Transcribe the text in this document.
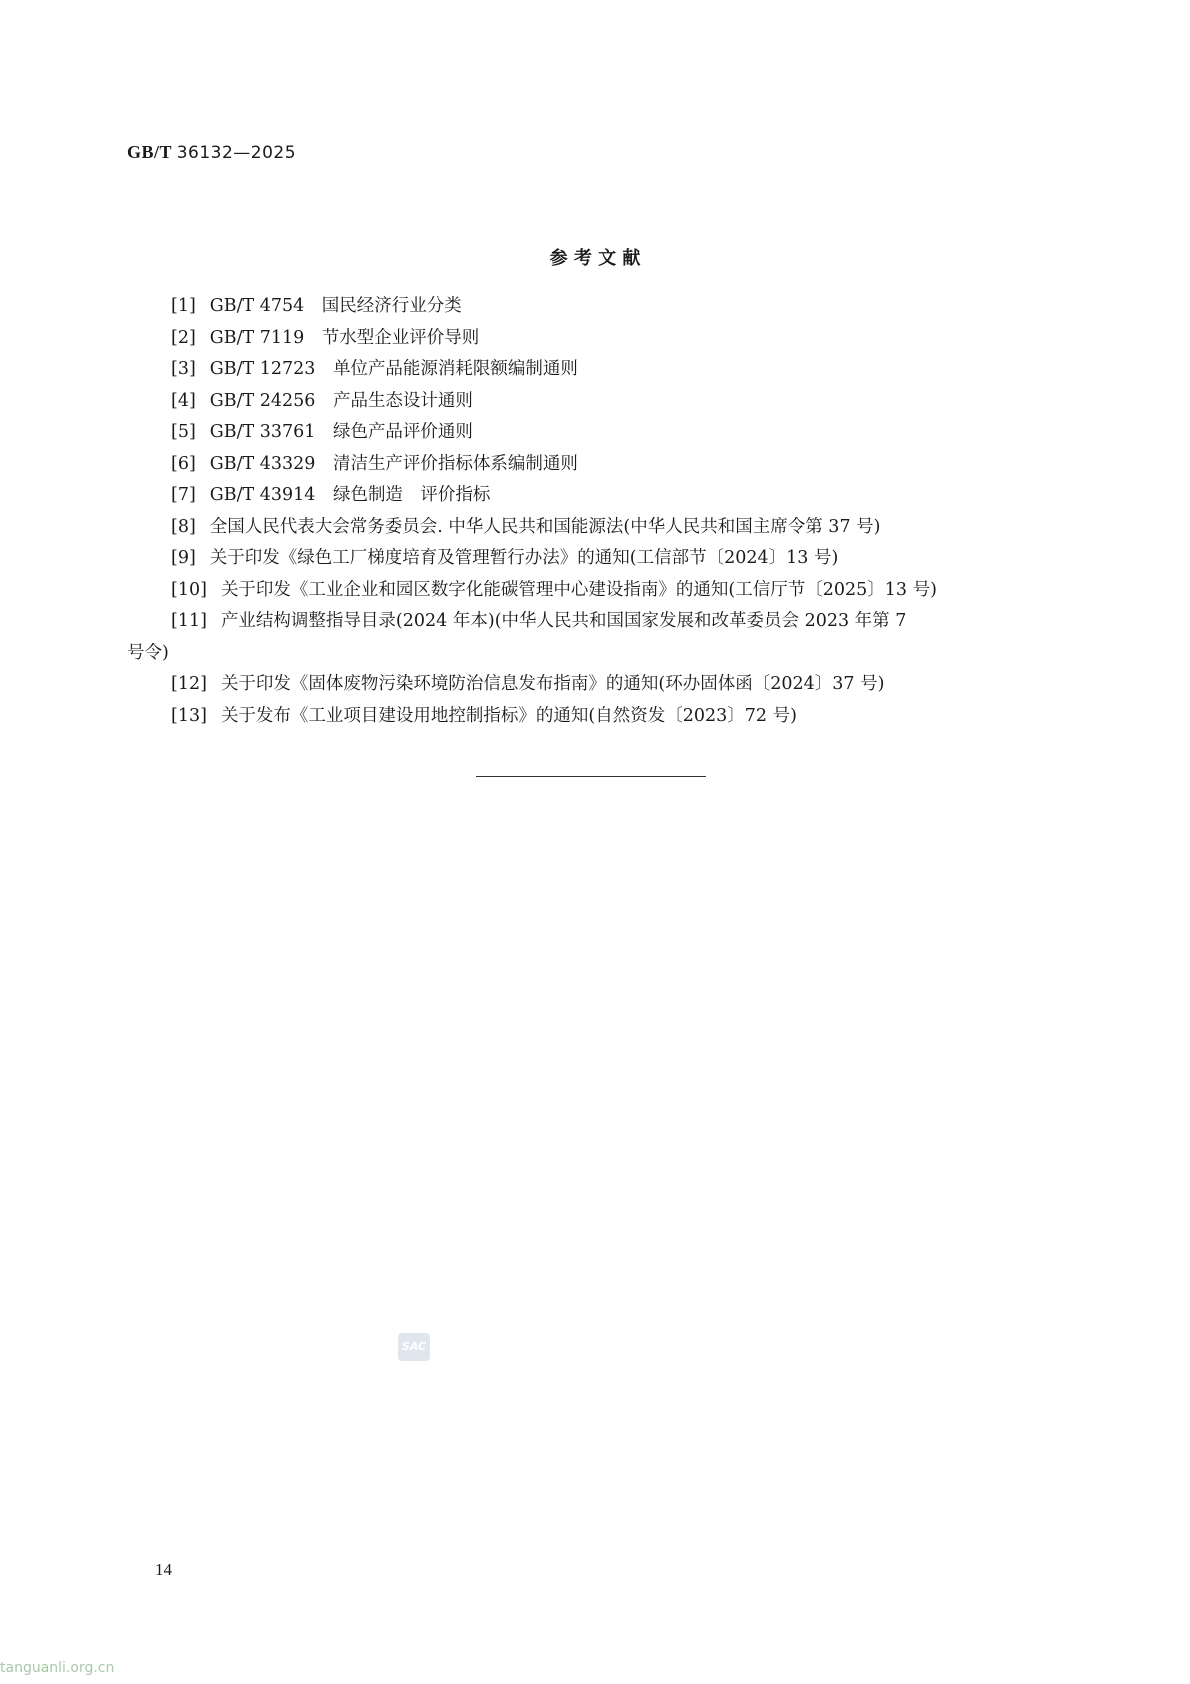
GB/T 36132—2025
参 考 文 献
[1] GB/T 4754　国民经济行业分类
[2] GB/T 7119　节水型企业评价导则
[3] GB/T 12723　单位产品能源消耗限额编制通则
[4] GB/T 24256　产品生态设计通则
[5] GB/T 33761　绿色产品评价通则
[6] GB/T 43329　清洁生产评价指标体系编制通则
[7] GB/T 43914　绿色制造　评价指标
[8] 全国人民代表大会常务委员会. 中华人民共和国能源法(中华人民共和国主席令第 37 号)
[9] 关于印发《绿色工厂梯度培育及管理暂行办法》的通知(工信部节〔2024〕13 号)
[10] 关于印发《工业企业和园区数字化能碳管理中心建设指南》的通知(工信厅节〔2025〕13 号)
[11] 产业结构调整指导目录(2024 年本)(中华人民共和国国家发展和改革委员会 2023 年第 7
号令)
[12] 关于印发《固体废物污染环境防治信息发布指南》的通知(环办固体函〔2024〕37 号)
[13] 关于发布《工业项目建设用地控制指标》的通知(自然资发〔2023〕72 号)
SAC
14
tanguanli.org.cn
